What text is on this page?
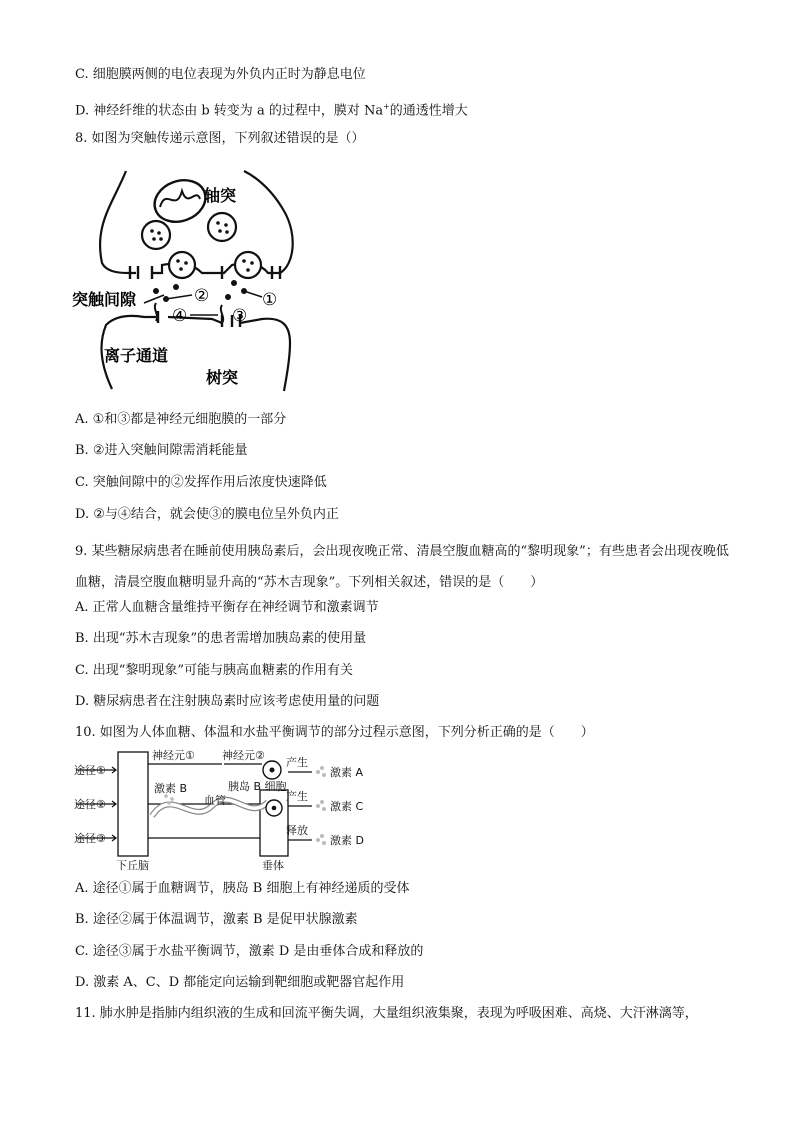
C. 细胞膜两侧的电位表现为外负内正时为静息电位
D. 神经纤维的状态由 b 转变为 a 的过程中，膜对 Na+的通透性增大
8. 如图为突触传递示意图，下列叙述错误的是（）
轴突
突触间隙
离子通道
树突
②	①
④	③
A. ①和③都是神经元细胞膜的一部分
B. ②进入突触间隙需消耗能量
C. 突触间隙中的②发挥作用后浓度快速降低
D. ②与④结合，就会使③的膜电位呈外负内正
9. 某些糖尿病患者在睡前使用胰岛素后，会出现夜晚正常、清晨空腹血糖高的“黎明现象”；有些患者会出现夜晚低血糖，清晨空腹血糖明显升高的“苏木吉现象”。下列相关叙述，错误的是（　　）
A. 正常人血糖含量维持平衡存在神经调节和激素调节
B. 出现“苏木吉现象”的患者需增加胰岛素的使用量
C. 出现“黎明现象”可能与胰高血糖素的作用有关
D. 糖尿病患者在注射胰岛素时应该考虑使用量的问题
10. 如图为人体血糖、体温和水盐平衡调节的部分过程示意图，下列分析正确的是（　　）
途径①
途径②
途径③
神经元① 神经元②
产生
产生
释放
激素 A
激素 B
激素 C
激素 D
胰岛 B 细胞
血管
下丘脑	垂体
A. 途径①属于血糖调节，胰岛 B 细胞上有神经递质的受体
B. 途径②属于体温调节，激素 B 是促甲状腺激素
C. 途径③属于水盐平衡调节，激素 D 是由垂体合成和释放的
D. 激素 A、C、D 都能定向运输到靶细胞或靶器官起作用
11. 肺水肿是指肺内组织液的生成和回流平衡失调，大量组织液集聚，表现为呼吸困难、高烧、大汗淋漓等，
